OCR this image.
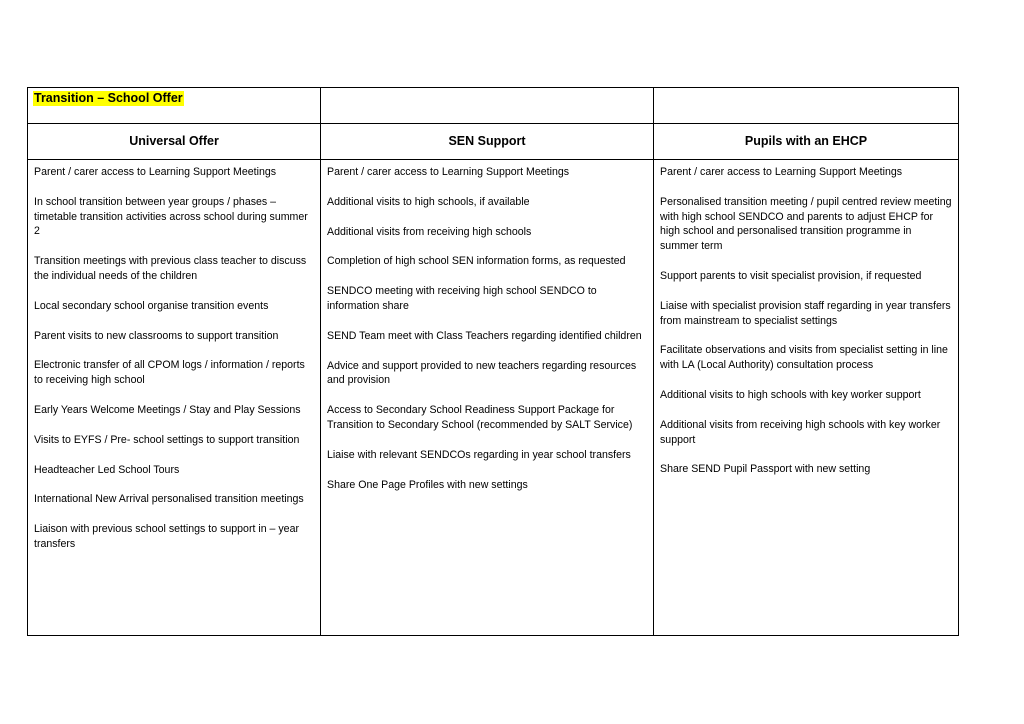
Transition – School Offer
Universal Offer	SEN Support	Pupils with an EHCP
Parent / carer access to Learning Support Meetings
In school transition between year groups / phases – timetable transition activities across school during summer 2
Transition meetings with previous class teacher to discuss the individual needs of the children
Local secondary school organise transition events
Parent visits to new classrooms to support transition
Electronic transfer of all CPOM logs / information / reports to receiving high school
Early Years Welcome Meetings / Stay and Play Sessions
Visits to EYFS / Pre- school settings to support transition
Headteacher Led School Tours
International New Arrival personalised transition meetings
Liaison with previous school settings to support in – year transfers
Parent / carer access to Learning Support Meetings
Additional visits to high schools, if available
Additional visits from receiving high schools
Completion of high school SEN information forms, as requested
SENDCO meeting with receiving high school SENDCO to information share
SEND Team meet with Class Teachers regarding identified children
Advice and support provided to new teachers regarding resources and provision
Access to Secondary School Readiness Support Package for Transition to Secondary School (recommended by SALT Service)
Liaise with relevant SENDCOs regarding in year school transfers
Share One Page Profiles with new settings
Parent / carer access to Learning Support Meetings
Personalised transition meeting / pupil centred review meeting with high school SENDCO and parents to adjust EHCP for high school and personalised transition programme in summer term
Support parents to visit specialist provision, if requested
Liaise with specialist provision staff regarding in year transfers from mainstream to specialist settings
Facilitate observations and visits from specialist setting in line with LA (Local Authority) consultation process
Additional visits to high schools with key worker support
Additional visits from receiving high schools with key worker support
Share SEND Pupil Passport with new setting
